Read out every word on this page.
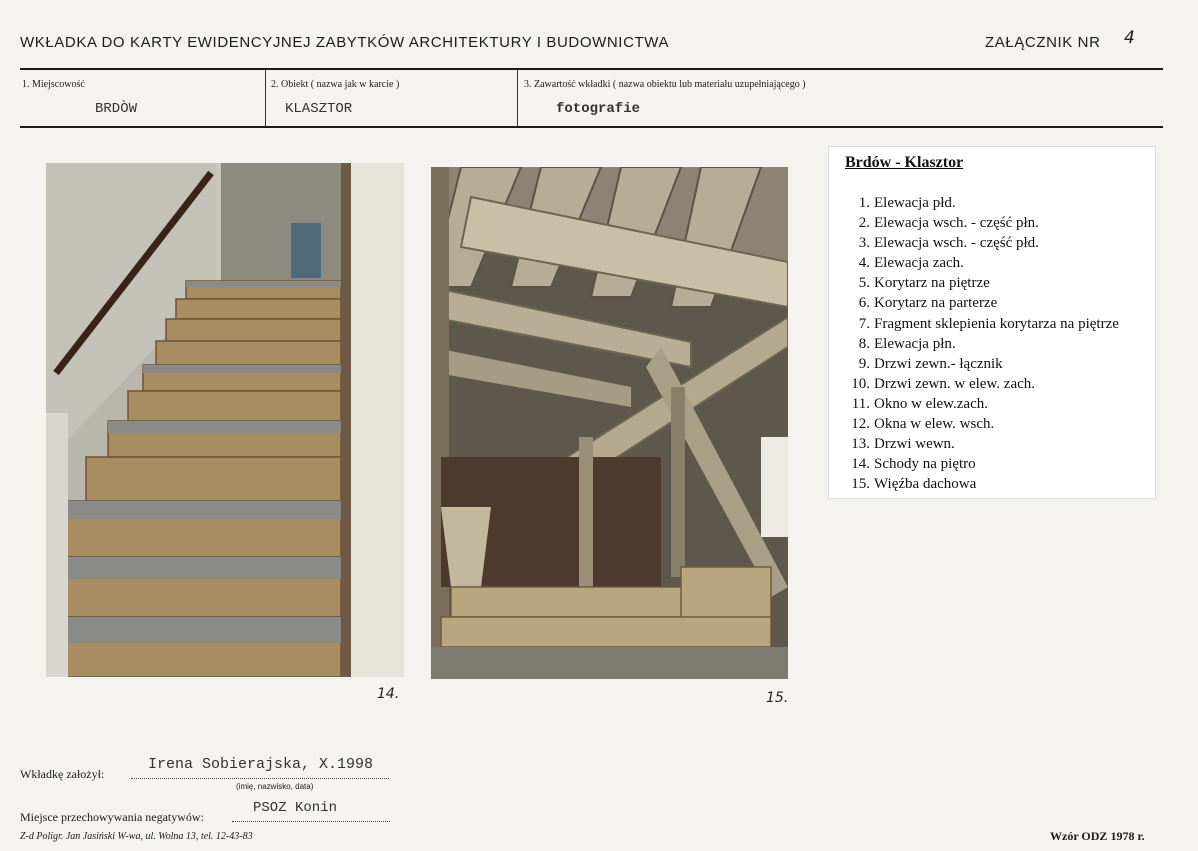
WKŁADKA DO KARTY EWIDENCYJNEJ ZABYTKÓW ARCHITEKTURY I BUDOWNICTWA	ZAŁĄCZNIK NR 4
1. Miejscowość
BRDÒW
2. Obiekt ( nazwa jak w karcie )
KLASZTOR
3. Zawartość wkładki ( nazwa obiektu lub materiału uzupełniającego )
fotografie
14.	15.
Brdów - Klasztor
1. Elewacja płd.
2. Elewacja wsch. - część płn.
3. Elewacja wsch. - część płd.
4. Elewacja zach.
5. Korytarz na piętrze
6. Korytarz na parterze
7. Fragment sklepienia korytarza na piętrze
8. Elewacja płn.
9. Drzwi zewn.- łącznik
10. Drzwi zewn. w elew. zach.
11. Okno w elew.zach.
12. Okna w elew. wsch.
13. Drzwi wewn.
14. Schody na piętro
15. Więźba dachowa
Wkładkę założył:
Irena Sobierajska, X.1998
(imię, nazwisko, data)
Miejsce przechowywania negatywów:
PSOZ Konin
Z-d Poligr. Jan Jasiński W-wa, ul. Wolna 13, tel. 12-43-83	Wzór ODZ 1978 r.
